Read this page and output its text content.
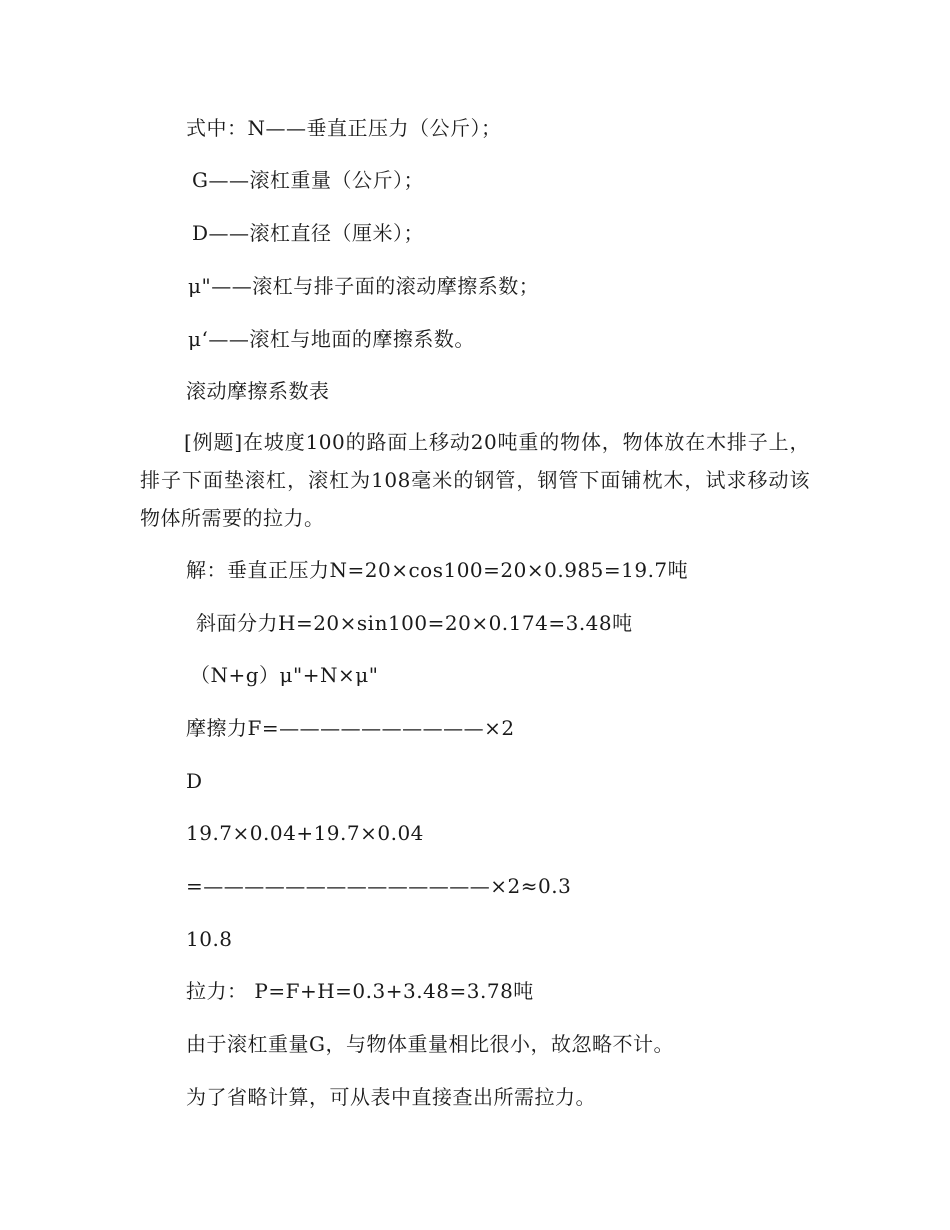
式中：N——垂直正压力（公斤）；
G——滚杠重量（公斤）；
D——滚杠直径（厘米）；
μ"——滚杠与排子面的滚动摩擦系数；
μ‘——滚杠与地面的摩擦系数。
滚动摩擦系数表
[例题]在坡度100的路面上移动20吨重的物体，物体放在木排子上，排子下面垫滚杠，滚杠为108毫米的钢管，钢管下面铺枕木，试求移动该物体所需要的拉力。
解：垂直正压力N=20×cos100=20×0.985=19.7吨
斜面分力H=20×sin100=20×0.174=3.48吨
（N+g）μ"+N×μ"
摩擦力F=——————————×2
D
19.7×0.04+19.7×0.04
=——————————————×2≈0.3
10.8
拉力： P=F+H=0.3+3.48=3.78吨
由于滚杠重量G，与物体重量相比很小，故忽略不计。
为了省略计算，可从表中直接查出所需拉力。
